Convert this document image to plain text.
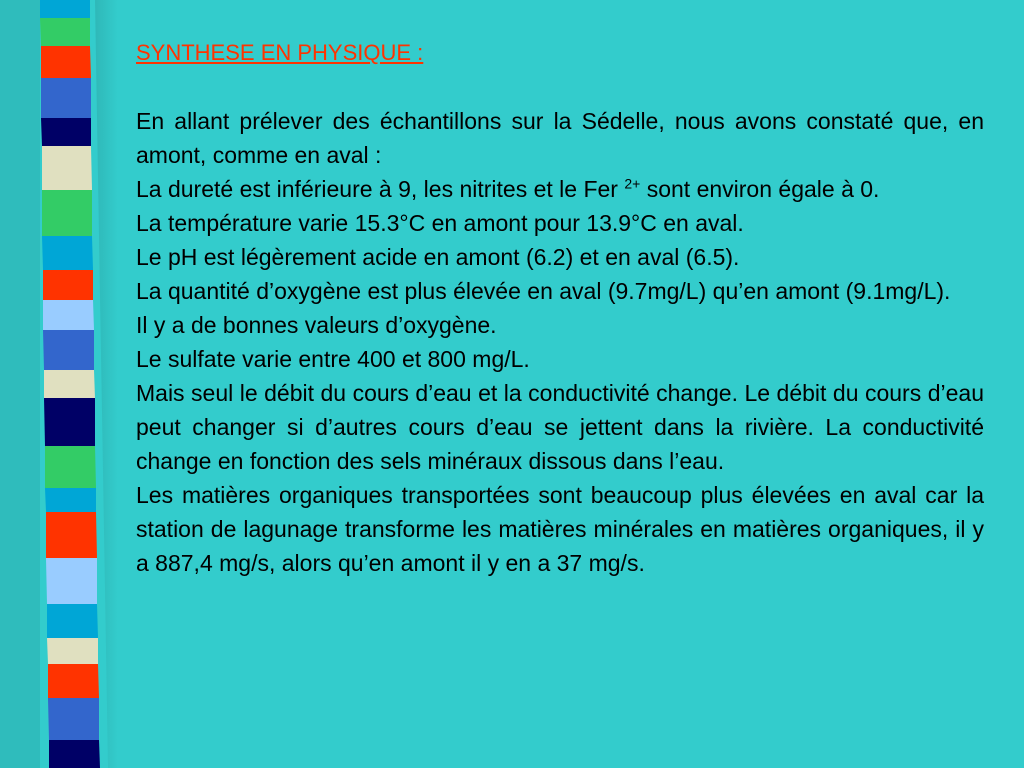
SYNTHESE EN PHYSIQUE :

En allant prélever des échantillons sur la Sédelle, nous avons constaté que, en amont, comme en aval :

La dureté est inférieure à 9, les nitrites et le Fer $^{2+}$ sont environ égale à 0.

La température varie 15.3°C en amont pour 13.9°C en aval.

Le pH est légèrement acide en amont (6.2) et en aval (6.5).

La quantité d’oxygène est plus élevée en aval (9.7mg/L) qu’en amont (9.1mg/L).

Il y a de bonnes valeurs d’oxygène.

Le sulfate varie entre 400 et 800 mg/L.

Mais seul le débit du cours d’eau et la conductivité change. Le débit du cours d’eau peut changer si d’autres cours d’eau se jettent dans la rivière. La conductivité change en fonction des sels minéraux dissous dans l’eau.

Les matières organiques transportées sont beaucoup plus élevées en aval car la station de lagunage transforme les matières minérales en matières organiques, il y a 887,4 mg/s, alors qu’en amont il y en a 37 mg/s.
